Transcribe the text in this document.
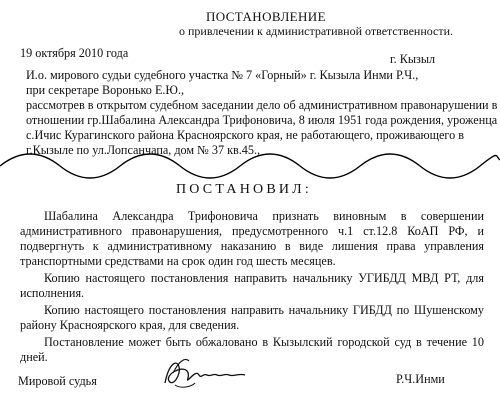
ПОСТАНОВЛЕНИЕ
о привлечении к административной ответственности.
19 октября 2010 года	г. Кызыл
И.о. мирового судьи судебного участка № 7 «Горный» г. Кызыла Инми Р.Ч.,
при секретаре Воронько Е.Ю.,
рассмотрев в открытом судебном заседании дело об административном правонарушении в
отношении гр.Шабалина Александра Трифоновича, 8 июля 1951 года рождения, уроженца
с.Ичис Курагинского района Красноярского края, не работающего, проживающего в
г.Кызыле по ул.Лопсанчапа, дом № 37 кв.45.,
ПОСТАНОВИЛ:

Шабалина Александра Трифоновича признать виновным в совершении административного правонарушения, предусмотренного ч.1 ст.12.8 КоАП РФ, и подвергнуть к административному наказанию в виде лишения права управления транспортными средствами на срок один год шесть месяцев.

Копию настоящего постановления направить начальнику УГИБДД МВД РТ, для исполнения.

Копию настоящего постановления направить начальнику ГИБДД по Шушенскому району Красноярского края, для сведения.

Постановление может быть обжаловано в Кызылский городской суд в течение 10 дней.

Мировой судья	Р.Ч.Инми
